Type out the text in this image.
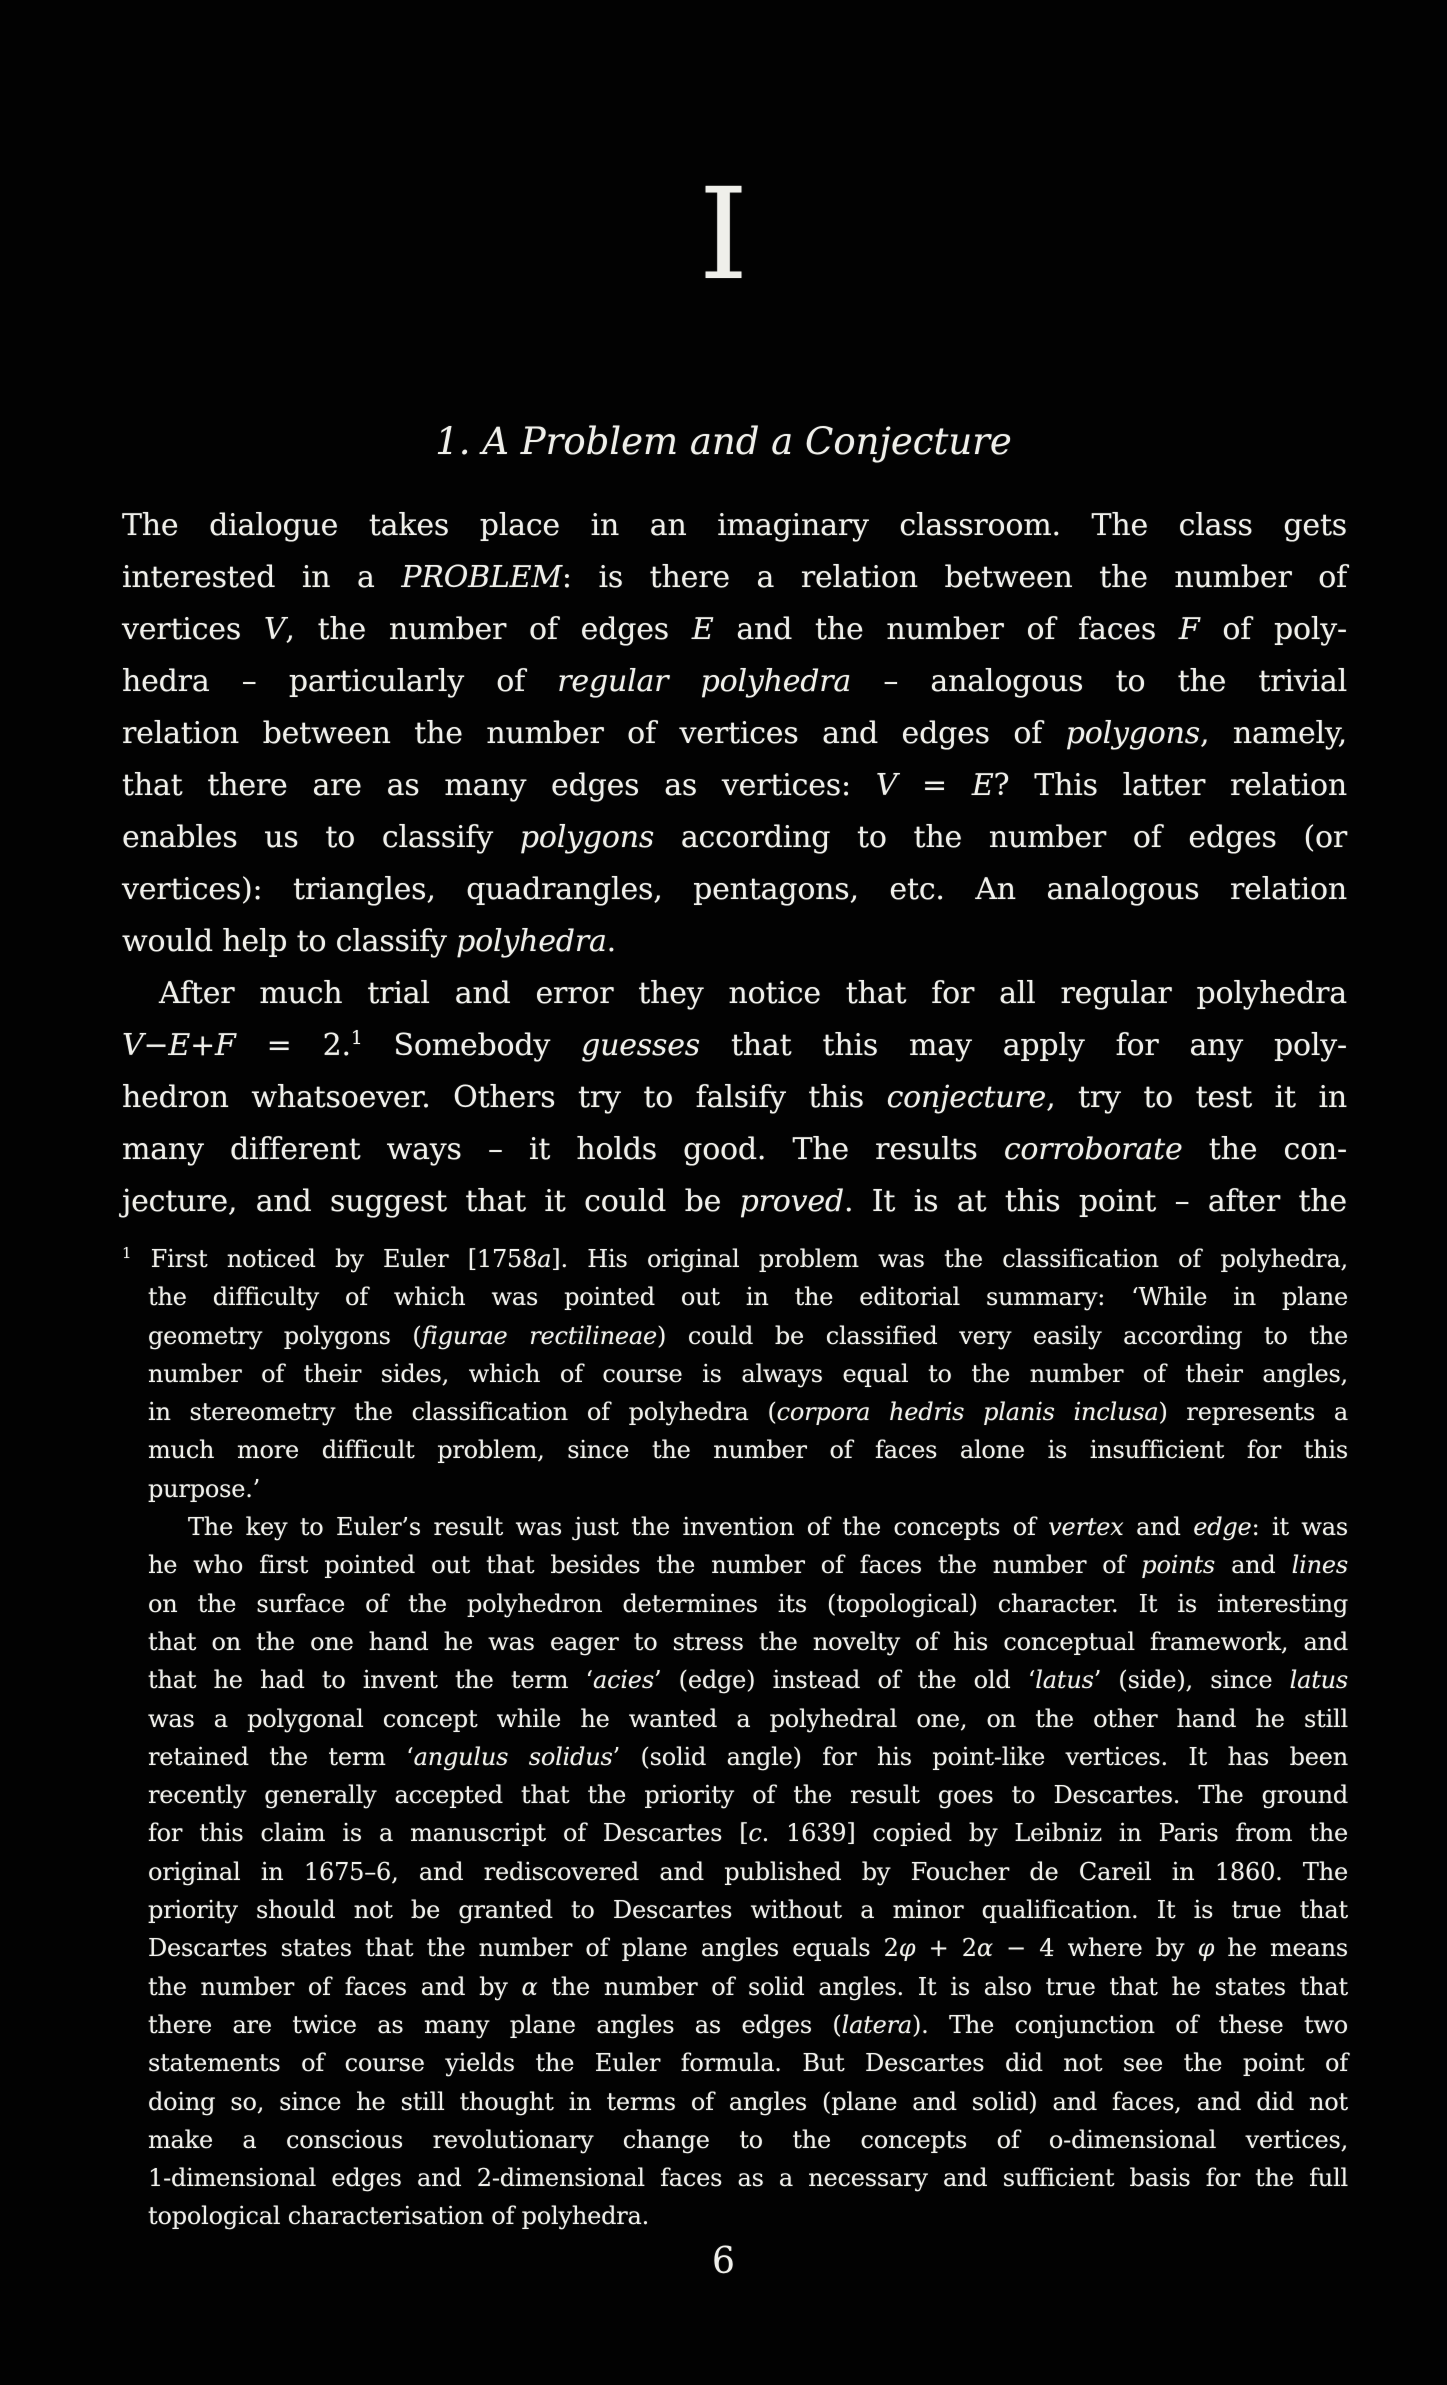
I
1. A Problem and a Conjecture
The dialogue takes place in an imaginary classroom. The class gets
interested in a PROBLEM: is there a relation between the number of
vertices V, the number of edges E and the number of faces F of poly-
hedra – particularly of regular polyhedra – analogous to the trivial
relation between the number of vertices and edges of polygons, namely,
that there are as many edges as vertices: V = E? This latter relation
enables us to classify polygons according to the number of edges (or
vertices): triangles, quadrangles, pentagons, etc. An analogous relation
would help to classify polyhedra.
After much trial and error they notice that for all regular polyhedra
V−E+F = 2.$^1$ Somebody guesses that this may apply for any poly-
hedron whatsoever. Others try to falsify this conjecture, try to test it in
many different ways – it holds good. The results corroborate the con-
jecture, and suggest that it could be proved. It is at this point – after the
$^1$ First noticed by Euler [1758a]. His original problem was the classification of polyhedra,
the difficulty of which was pointed out in the editorial summary: ‘While in plane
geometry polygons (figurae rectilineae) could be classified very easily according to the
number of their sides, which of course is always equal to the number of their angles,
in stereometry the classification of polyhedra (corpora hedris planis inclusa) represents a
much more difficult problem, since the number of faces alone is insufficient for this
purpose.’
The key to Euler’s result was just the invention of the concepts of vertex and edge: it was
he who first pointed out that besides the number of faces the number of points and lines
on the surface of the polyhedron determines its (topological) character. It is interesting
that on the one hand he was eager to stress the novelty of his conceptual framework, and
that he had to invent the term ‘acies’ (edge) instead of the old ‘latus’ (side), since latus
was a polygonal concept while he wanted a polyhedral one, on the other hand he still
retained the term ‘angulus solidus’ (solid angle) for his point-like vertices. It has been
recently generally accepted that the priority of the result goes to Descartes. The ground
for this claim is a manuscript of Descartes [c. 1639] copied by Leibniz in Paris from the
original in 1675–6, and rediscovered and published by Foucher de Careil in 1860. The
priority should not be granted to Descartes without a minor qualification. It is true that
Descartes states that the number of plane angles equals 2φ + 2α − 4 where by φ he means
the number of faces and by α the number of solid angles. It is also true that he states that
there are twice as many plane angles as edges (latera). The conjunction of these two
statements of course yields the Euler formula. But Descartes did not see the point of
doing so, since he still thought in terms of angles (plane and solid) and faces, and did not
make a conscious revolutionary change to the concepts of o-dimensional vertices,
1-dimensional edges and 2-dimensional faces as a necessary and sufficient basis for the full
topological characterisation of polyhedra.
6
